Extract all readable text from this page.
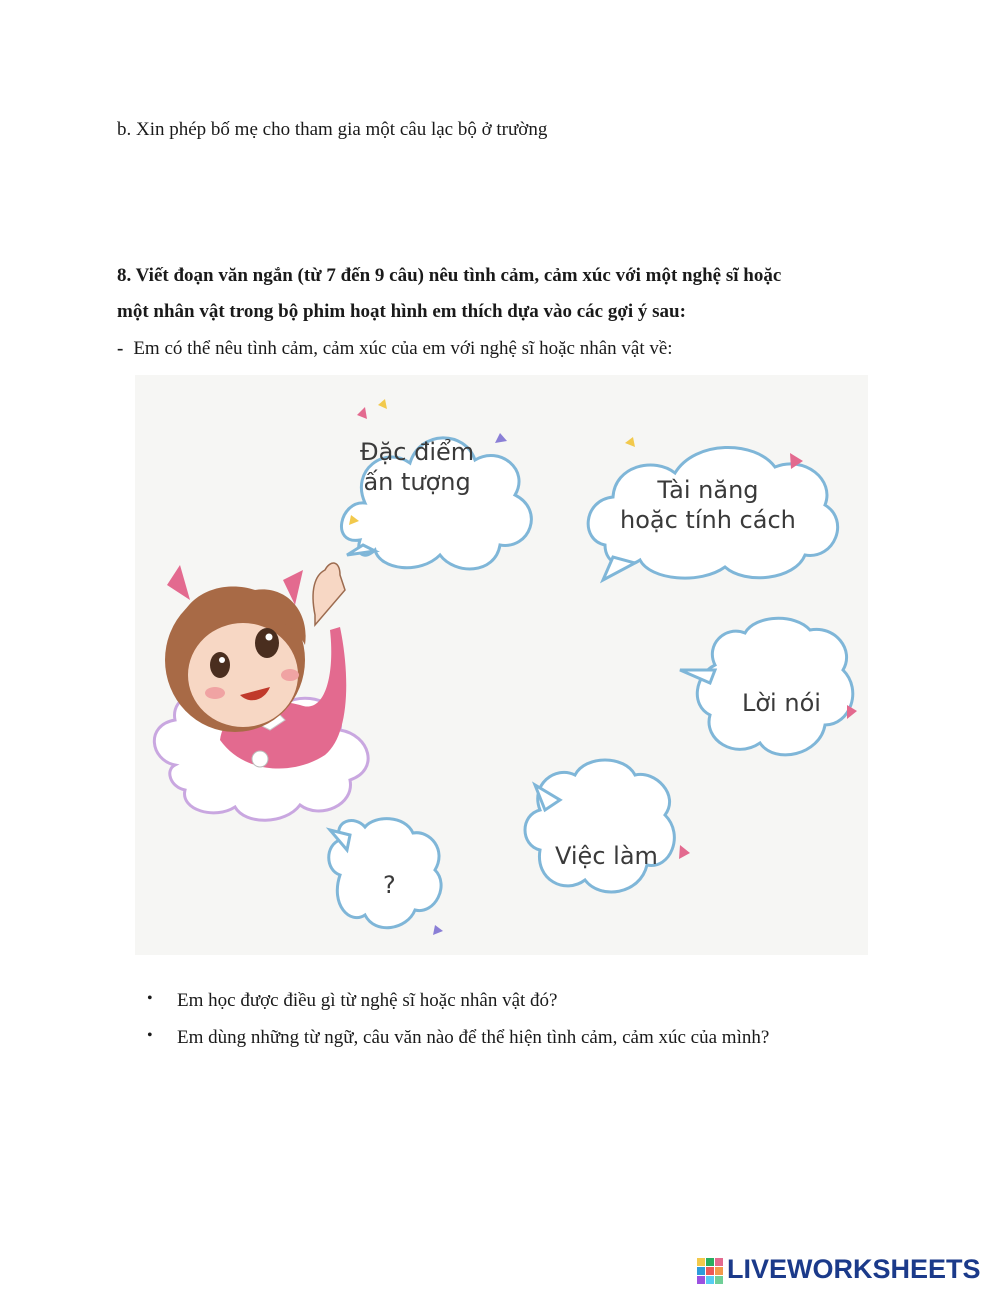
b. Xin phép bố mẹ cho tham gia một câu lạc bộ ở trường
8. Viết đoạn văn ngắn (từ 7 đến 9 câu) nêu tình cảm, cảm xúc với một nghệ sĩ hoặc
một nhân vật trong bộ phim hoạt hình em thích dựa vào các gợi ý sau:
- Em có thể nêu tình cảm, cảm xúc của em với nghệ sĩ hoặc nhân vật về:
Đặc điểm
ấn tượng	Tài năng
hoặc tính cách
Lời nói
Việc làm
?
• Em học được điều gì từ nghệ sĩ hoặc nhân vật đó?
• Em dùng những từ ngữ, câu văn nào để thể hiện tình cảm, cảm xúc của mình?
LIVEWORKSHEETS
